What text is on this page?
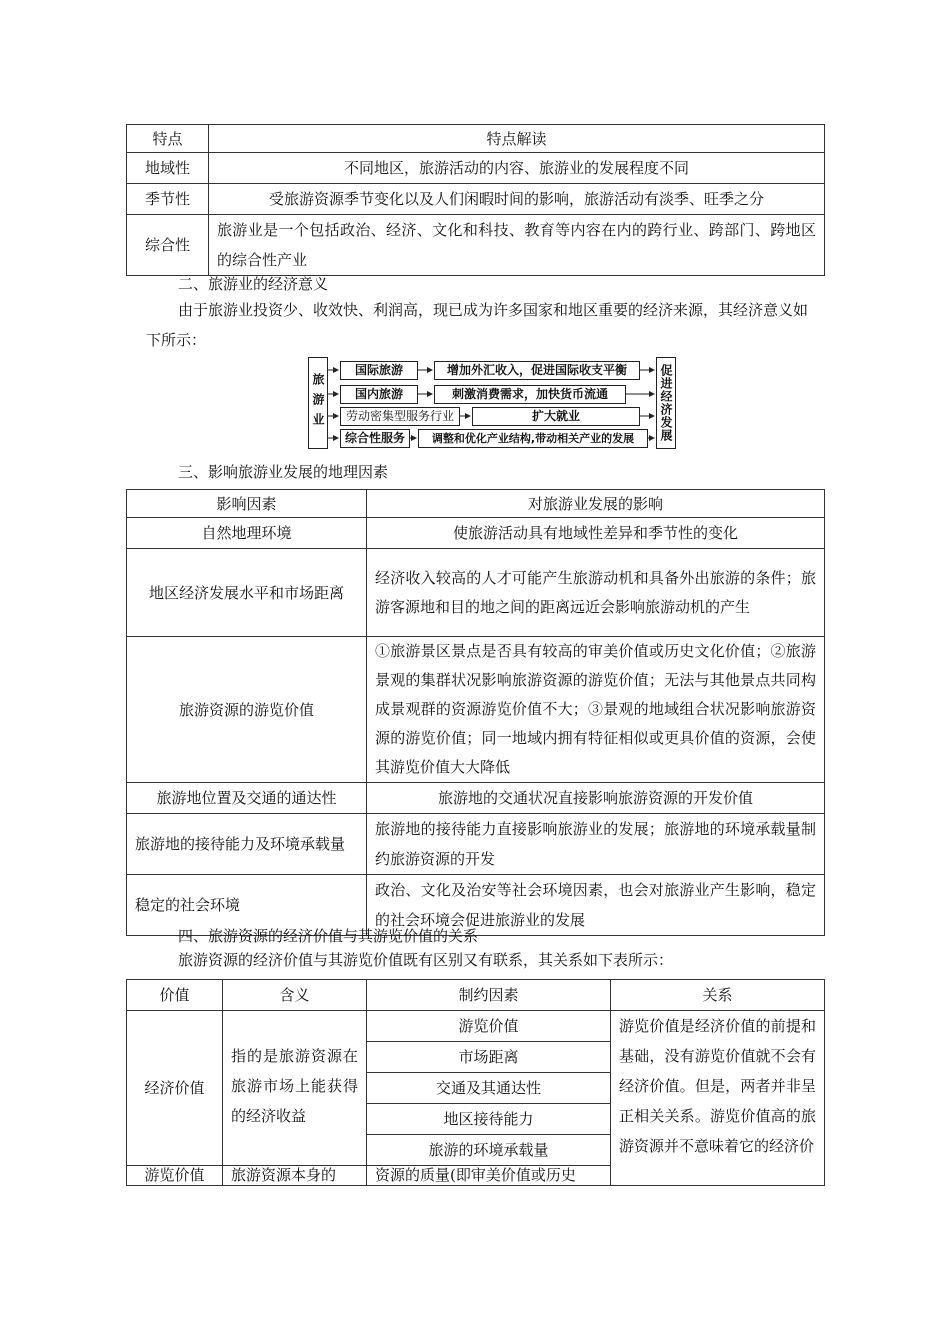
特点	特点解读
地域性	不同地区，旅游活动的内容、旅游业的发展程度不同
季节性	受旅游资源季节变化以及人们闲暇时间的影响，旅游活动有淡季、旺季之分
综合性	旅游业是一个包括政治、经济、文化和科技、教育等内容在内的跨行业、跨部门、跨地区的综合性产业
二、旅游业的经济意义

由于旅游业投资少、收效快、利润高，现已成为许多国家和地区重要的经济来源，其经济意义如下所示：

旅游业
国际旅游	增加外汇收入，促进国际收支平衡
国内旅游	刺激消费需求，加快货币流通
劳动密集型服务行业	扩大就业
综合性服务	调整和优化产业结构,带动相关产业的发展	促进经济发展
三、影响旅游业发展的地理因素
影响因素	对旅游业发展的影响
自然地理环境	使旅游活动具有地域性差异和季节性的变化
地区经济发展水平和市场距离	经济收入较高的人才可能产生旅游动机和具备外出旅游的条件；旅游客源地和目的地之间的距离远近会影响旅游动机的产生
旅游资源的游览价值	①旅游景区景点是否具有较高的审美价值或历史文化价值；②旅游景观的集群状况影响旅游资源的游览价值；无法与其他景点共同构成景观群的资源游览价值不大；③景观的地域组合状况影响旅游资源的游览价值；同一地域内拥有特征相似或更具价值的资源，会使其游览价值大大降低
旅游地位置及交通的通达性	旅游地的交通状况直接影响旅游资源的开发价值
旅游地的接待能力及环境承载量	旅游地的接待能力直接影响旅游业的发展；旅游地的环境承载量制约旅游资源的开发
稳定的社会环境	政治、文化及治安等社会环境因素，也会对旅游业产生影响，稳定的社会环境会促进旅游业的发展
四、旅游资源的经济价值与其游览价值的关系

旅游资源的经济价值与其游览价值既有区别又有联系，其关系如下表所示：

价值	含义	制约因素	关系
经济价值	指的是旅游资源在旅游市场上能获得的经济收益	游览价值	游览价值是经济价值的前提和基础，没有游览价值就不会有经济价值。但是，两者并非呈正相关关系。游览价值高的旅游资源并不意味着它的经济价
		市场距离	
		交通及其通达性	
		地区接待能力	
		旅游的环境承载量	
游览价值	旅游资源本身的	资源的质量(即审美价值或历史	
